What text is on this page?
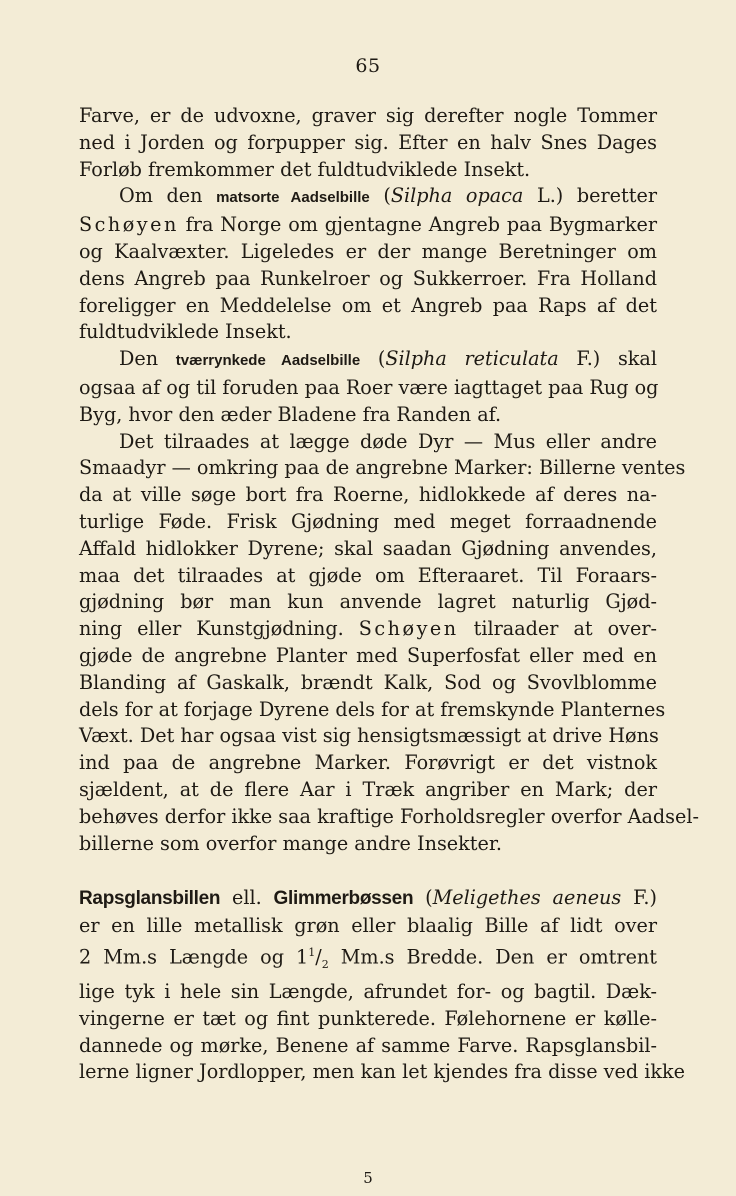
65
Farve, er de udvoxne, graver sig derefter nogle Tommer
ned i Jorden og forpupper sig. Efter en halv Snes Dages
Forløb fremkommer det fuldtudviklede Insekt.
Om den matsorte Aadselbille (Silpha opaca L.) beretter
Schøyen fra Norge om gjentagne Angreb paa Bygmarker
og Kaalvæxter. Ligeledes er der mange Beretninger om
dens Angreb paa Runkelroer og Sukkerroer. Fra Holland
foreligger en Meddelelse om et Angreb paa Raps af det
fuldtudviklede Insekt.
Den tværrynkede Aadselbille (Silpha reticulata F.) skal
ogsaa af og til foruden paa Roer være iagttaget paa Rug og
Byg, hvor den æder Bladene fra Randen af.
Det tilraades at lægge døde Dyr — Mus eller andre
Smaadyr — omkring paa de angrebne Marker: Billerne ventes
da at ville søge bort fra Roerne, hidlokkede af deres na-
turlige Føde. Frisk Gjødning med meget forraadnende
Affald hidlokker Dyrene; skal saadan Gjødning anvendes,
maa det tilraades at gjøde om Efteraaret. Til Foraars-
gjødning bør man kun anvende lagret naturlig Gjød-
ning eller Kunstgjødning. Schøyen tilraader at over-
gjøde de angrebne Planter med Superfosfat eller med en
Blanding af Gaskalk, brændt Kalk, Sod og Svovlblomme
dels for at forjage Dyrene dels for at fremskynde Planternes
Væxt. Det har ogsaa vist sig hensigtsmæssigt at drive Høns
ind paa de angrebne Marker. Forøvrigt er det vistnok
sjældent, at de flere Aar i Træk angriber en Mark; der
behøves derfor ikke saa kraftige Forholdsregler overfor Aadsel-
billerne som overfor mange andre Insekter.
Rapsglansbillen ell. Glimmerbøssen (Meligethes aeneus F.)
er en lille metallisk grøn eller blaalig Bille af lidt over
2 Mm.s Længde og $1^1/_2$ Mm.s Bredde. Den er omtrent
lige tyk i hele sin Længde, afrundet for- og bagtil. Dæk-
vingerne er tæt og fint punkterede. Følehornene er kølle-
dannede og mørke, Benene af samme Farve. Rapsglansbil-
lerne ligner Jordlopper, men kan let kjendes fra disse ved ikke
5
